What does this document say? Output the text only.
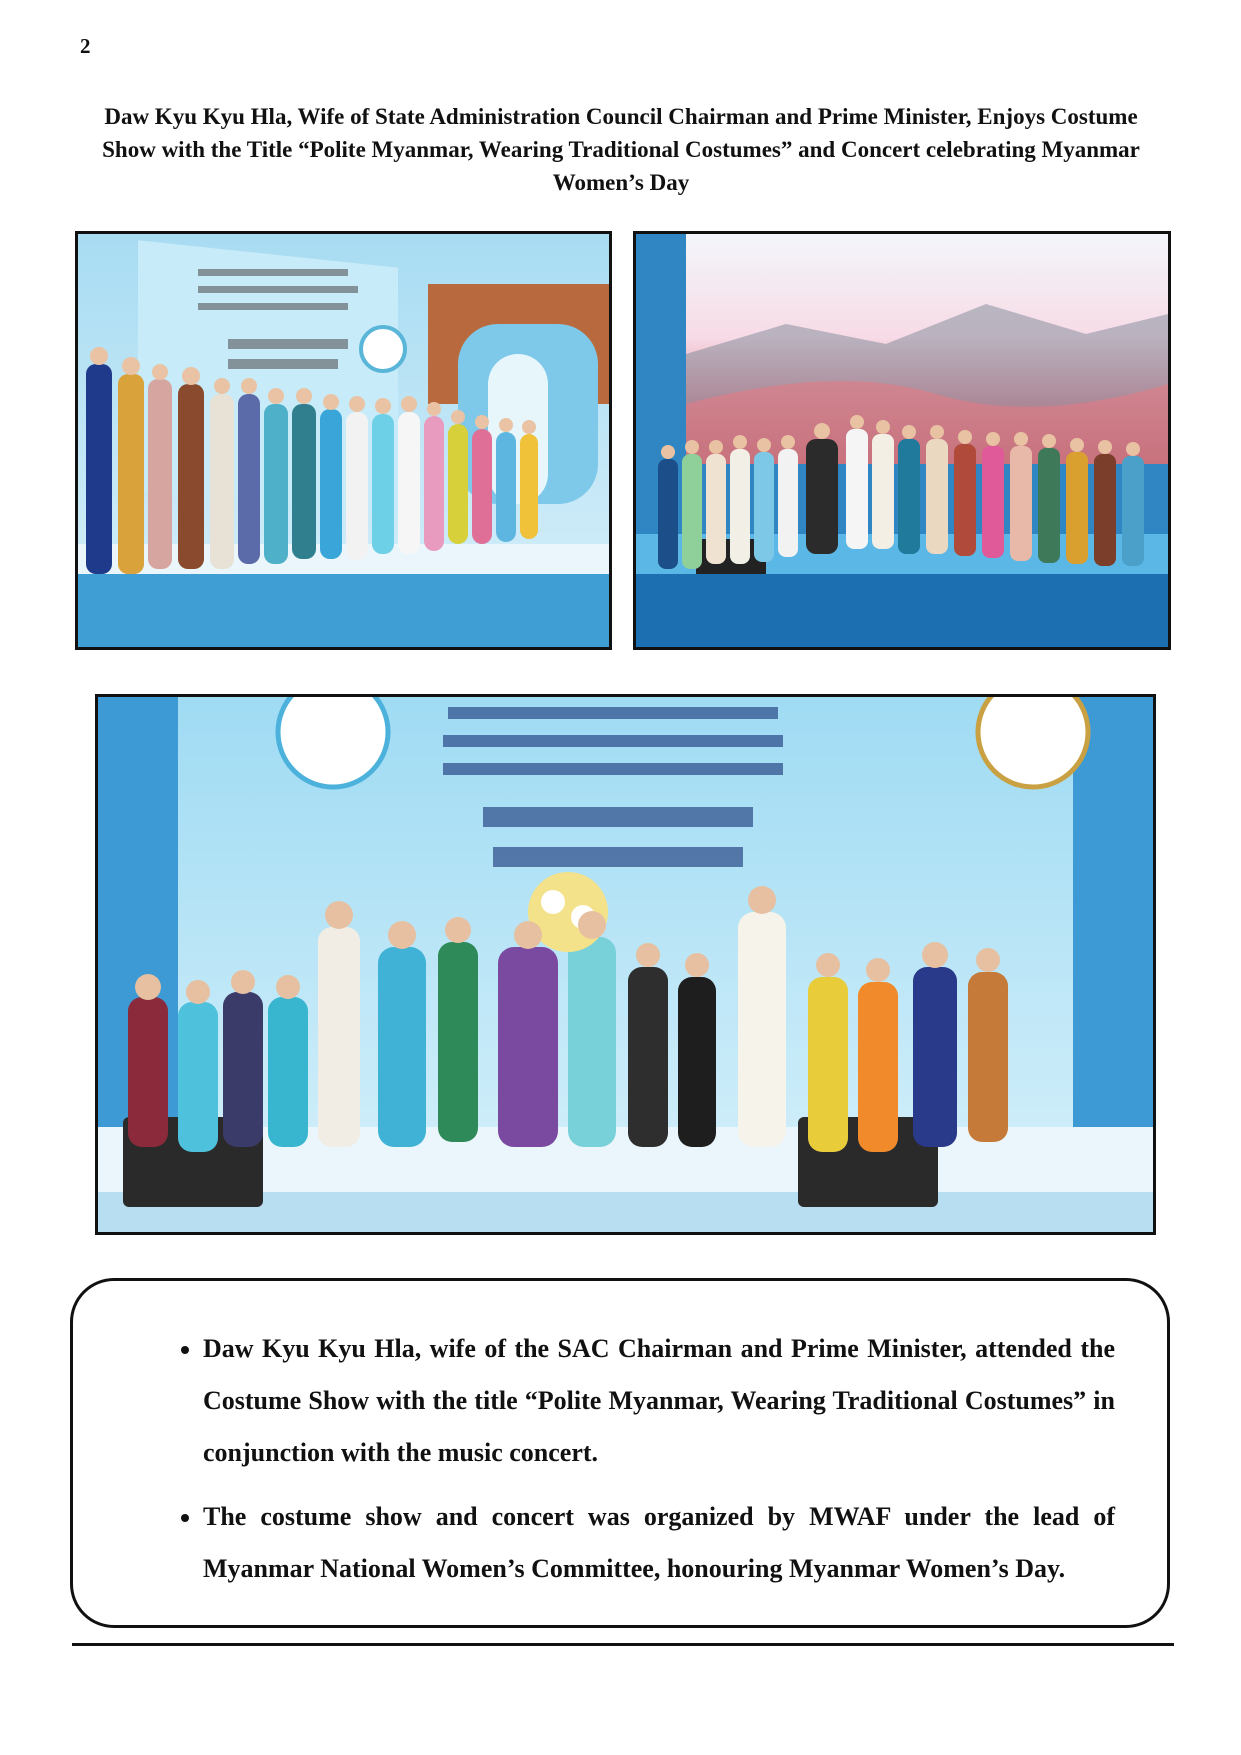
2
Daw Kyu Kyu Hla, Wife of State Administration Council Chairman and Prime Minister, Enjoys Costume Show with the Title “Polite Myanmar, Wearing Traditional Costumes” and Concert celebrating Myanmar Women’s Day
• Daw Kyu Kyu Hla, wife of the SAC Chairman and Prime Minister, attended the Costume Show with the title “Polite Myanmar, Wearing Traditional Costumes” in conjunction with the music concert.
• The costume show and concert was organized by MWAF under the lead of Myanmar National Women’s Committee, honouring Myanmar Women’s Day.
